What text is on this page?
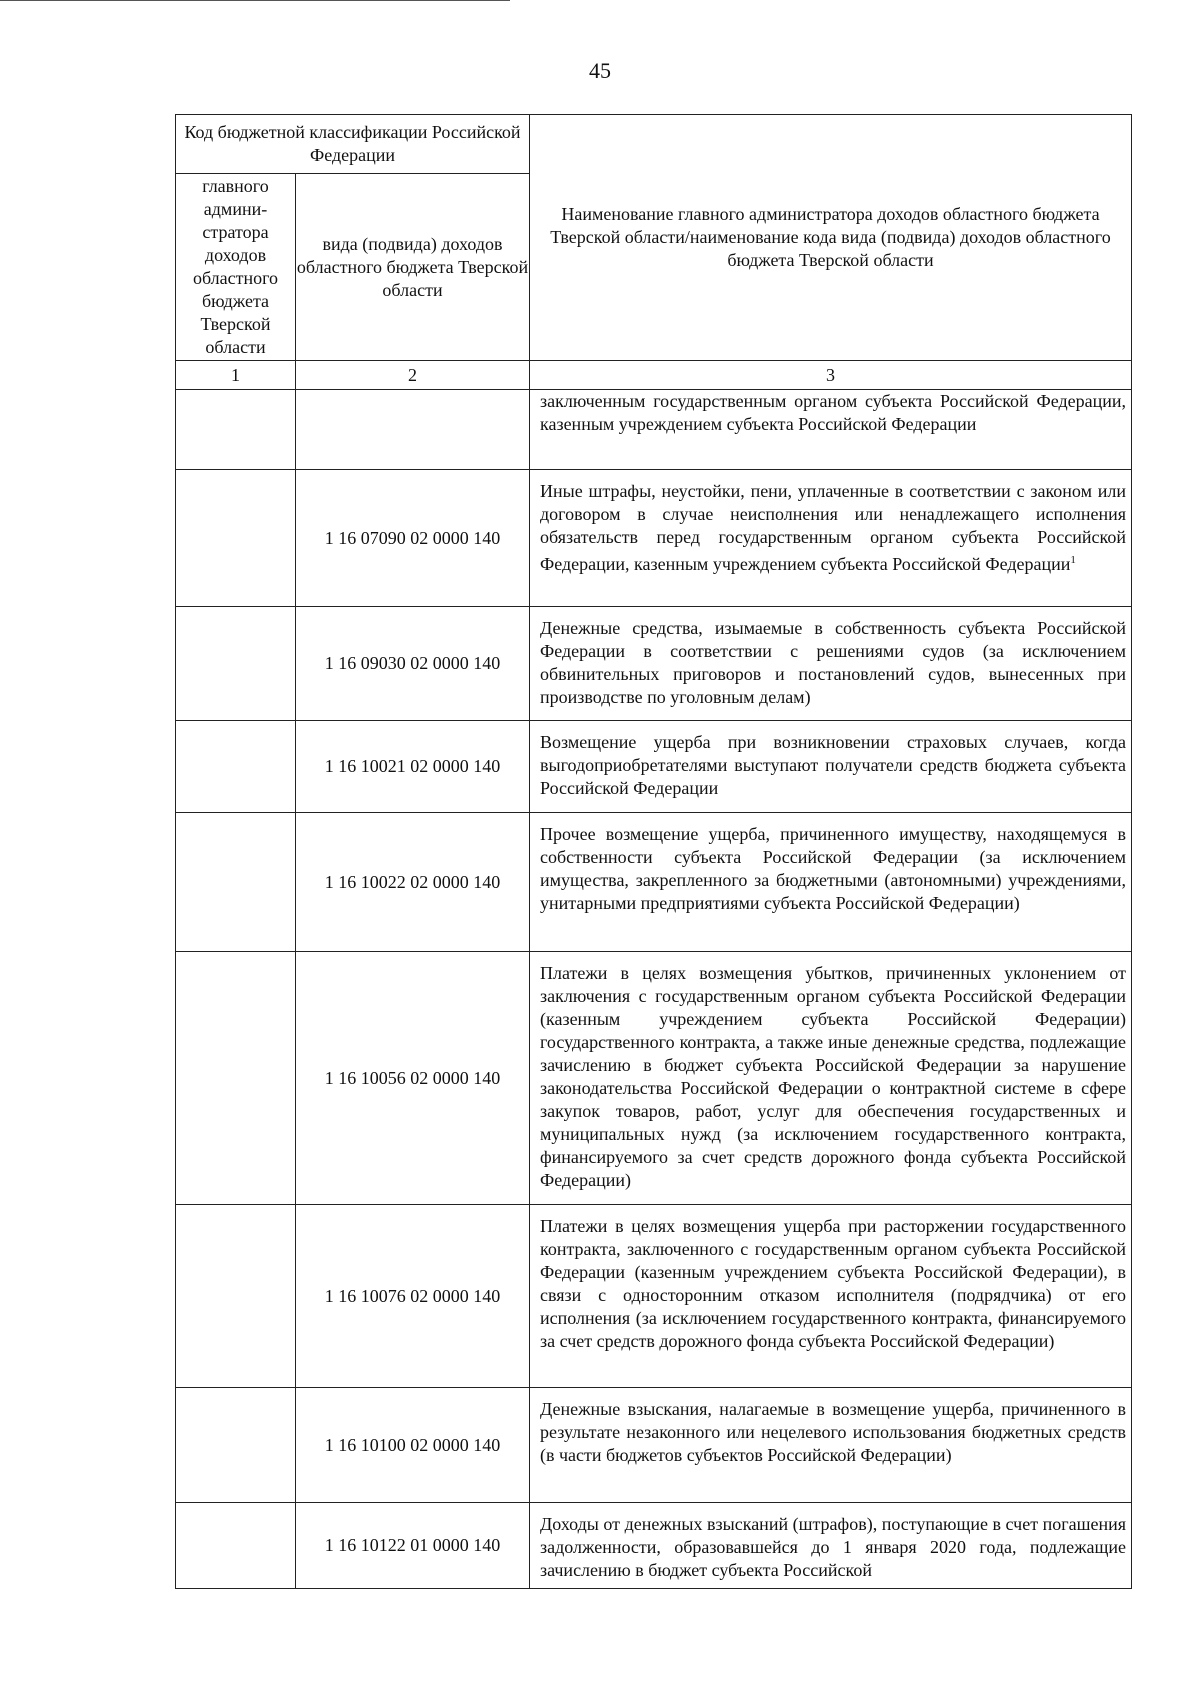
45
Код бюджетной классификации Российской Федерации		Наименование главного администратора доходов областного бюджета Тверской области/наименование кода вида (подвида) доходов областного бюджета Тверской области
главного админи-стратора доходов областного бюджета Тверской области	вида (подвида) доходов областного бюджета Тверской области	
1	2	3
		заключенным государственным органом субъекта Российской Федерации, казенным учреждением субъекта Российской Федерации
	1 16 07090 02 0000 140	Иные штрафы, неустойки, пени, уплаченные в соответствии с законом или договором в случае неисполнения или ненадлежащего исполнения обязательств перед государственным органом субъекта Российской Федерации, казенным учреждением субъекта Российской Федерации$^1$
	1 16 09030 02 0000 140	Денежные средства, изымаемые в собственность субъекта Российской Федерации в соответствии с решениями судов (за исключением обвинительных приговоров и постановлений судов, вынесенных при производстве по уголовным делам)
	1 16 10021 02 0000 140	Возмещение ущерба при возникновении страховых случаев, когда выгодоприобретателями выступают получатели средств бюджета субъекта Российской Федерации
	1 16 10022 02 0000 140	Прочее возмещение ущерба, причиненного имуществу, находящемуся в собственности субъекта Российской Федерации (за исключением имущества, закрепленного за бюджетными (автономными) учреждениями, унитарными предприятиями субъекта Российской Федерации)
	1 16 10056 02 0000 140	Платежи в целях возмещения убытков, причиненных уклонением от заключения с государственным органом субъекта Российской Федерации (казенным учреждением субъекта Российской Федерации) государственного контракта, а также иные денежные средства, подлежащие зачислению в бюджет субъекта Российской Федерации за нарушение законодательства Российской Федерации о контрактной системе в сфере закупок товаров, работ, услуг для обеспечения государственных и муниципальных нужд (за исключением государственного контракта, финансируемого за счет средств дорожного фонда субъекта Российской Федерации)
	1 16 10076 02 0000 140	Платежи в целях возмещения ущерба при расторжении государственного контракта, заключенного с государственным органом субъекта Российской Федерации (казенным учреждением субъекта Российской Федерации), в связи с односторонним отказом исполнителя (подрядчика) от его исполнения (за исключением государственного контракта, финансируемого за счет средств дорожного фонда субъекта Российской Федерации)
	1 16 10100 02 0000 140	Денежные взыскания, налагаемые в возмещение ущерба, причиненного в результате незаконного или нецелевого использования бюджетных средств (в части бюджетов субъектов Российской Федерации)
	1 16 10122 01 0000 140	Доходы от денежных взысканий (штрафов), поступающие в счет погашения задолженности, образовавшейся до 1 января 2020 года, подлежащие зачислению в бюджет субъекта Российской
